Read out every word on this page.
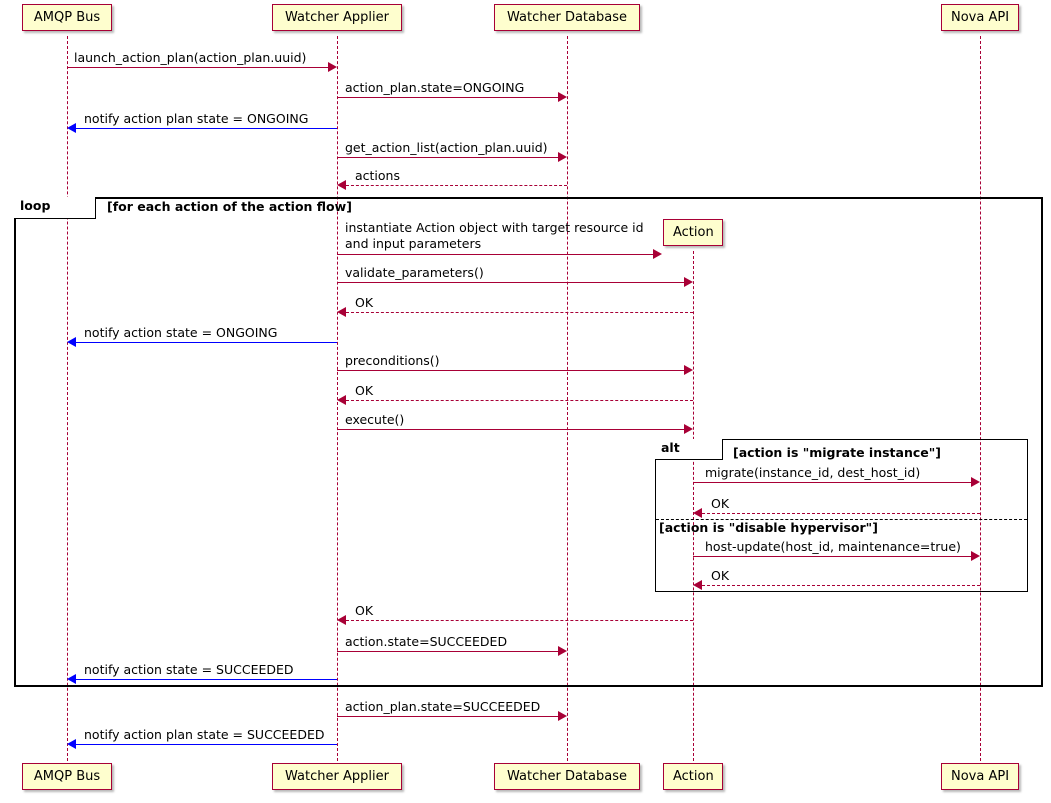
loop	[for each action of the action flow]
alt	[action is "migrate instance"]
[action is "disable hypervisor"]
AMQP Bus	Watcher Applier	Watcher Database	Nova API
Action
launch_action_plan(action_plan.uuid)
action_plan.state=ONGOING
notify action plan state = ONGOING
get_action_list(action_plan.uuid)
actions
instantiate Action object with target resource id
and input parameters
validate_parameters()
OK
notify action state = ONGOING
preconditions()
OK
execute()
migrate(instance_id, dest_host_id)
OK
host-update(host_id, maintenance=true)
OK
OK
action.state=SUCCEEDED
notify action state = SUCCEEDED
action_plan.state=SUCCEEDED
notify action plan state = SUCCEEDED
AMQP Bus	Watcher Applier	Watcher Database	Action	Nova API
